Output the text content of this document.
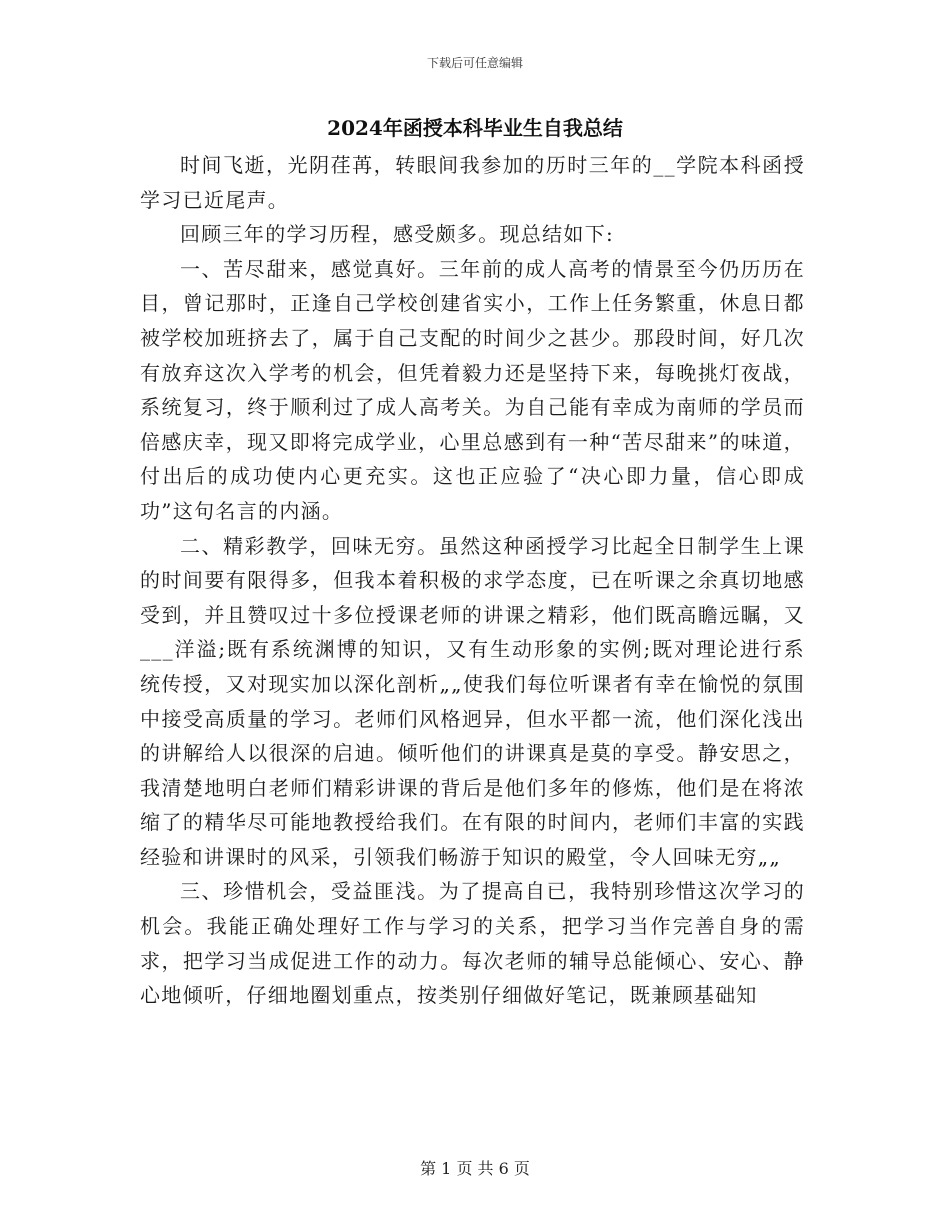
下载后可任意编辑
2024年函授本科毕业生自我总结

时间飞逝，光阴荏苒，转眼间我参加的历时三年的__学院本科函授学习已近尾声。

回顾三年的学习历程，感受颇多。现总结如下:

一、苦尽甜来，感觉真好。三年前的成人高考的情景至今仍历历在目，曾记那时，正逢自己学校创建省实小，工作上任务繁重，休息日都被学校加班挤去了，属于自己支配的时间少之甚少。那段时间，好几次有放弃这次入学考的机会，但凭着毅力还是坚持下来，每晚挑灯夜战，系统复习，终于顺利过了成人高考关。为自己能有幸成为南师的学员而倍感庆幸，现又即将完成学业，心里总感到有一种“苦尽甜来”的味道，付出后的成功使内心更充实。这也正应验了“决心即力量，信心即成功”这句名言的内涵。

二、精彩教学，回味无穷。虽然这种函授学习比起全日制学生上课的时间要有限得多，但我本着积极的求学态度，已在听课之余真切地感受到，并且赞叹过十多位授课老师的讲课之精彩，他们既高瞻远瞩，又___洋溢;既有系统渊博的知识，又有生动形象的实例;既对理论进行系统传授，又对现实加以深化剖析„„使我们每位听课者有幸在愉悦的氛围中接受高质量的学习。老师们风格迥异，但水平都一流，他们深化浅出的讲解给人以很深的启迪。倾听他们的讲课真是莫的享受。静安思之，我清楚地明白老师们精彩讲课的背后是他们多年的修炼，他们是在将浓缩了的精华尽可能地教授给我们。在有限的时间内，老师们丰富的实践经验和讲课时的风采，引领我们畅游于知识的殿堂，令人回味无穷„„

三、珍惜机会，受益匪浅。为了提高自已，我特别珍惜这次学习的机会。我能正确处理好工作与学习的关系，把学习当作完善自身的需求，把学习当成促进工作的动力。每次老师的辅导总能倾心、安心、静心地倾听，仔细地圈划重点，按类别仔细做好笔记，既兼顾基础知

第 1 页 共 6 页
